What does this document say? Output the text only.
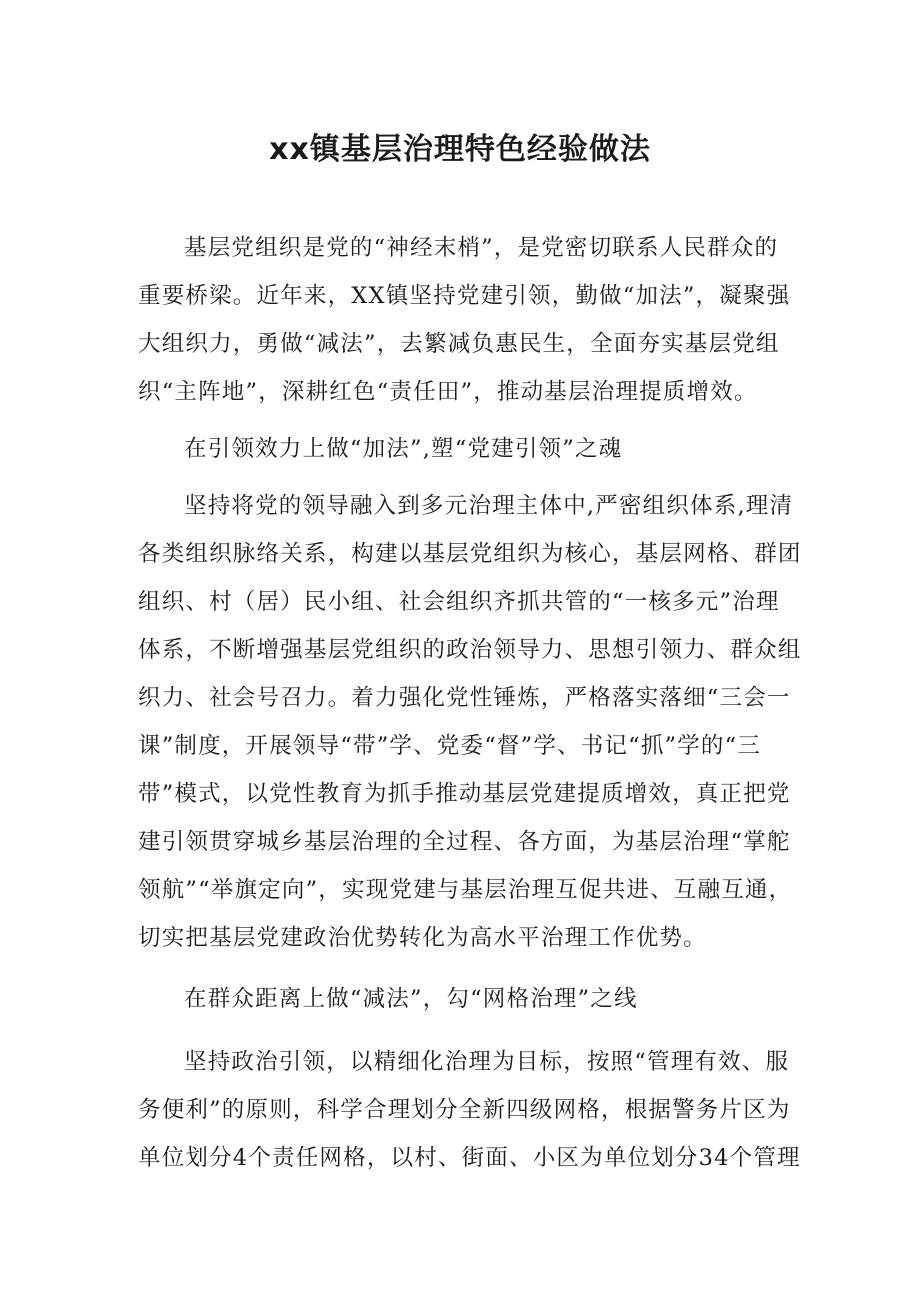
xx镇基层治理特色经验做法
基层党组织是党的“神经末梢”，是党密切联系人民群众的
重要桥梁。近年来，XX镇坚持党建引领，勤做“加法”，凝聚强
大组织力，勇做“减法”，去繁减负惠民生，全面夯实基层党组
织“主阵地”，深耕红色“责任田”，推动基层治理提质增效。
在引领效力上做“加法”,塑“党建引领”之魂
坚持将党的领导融入到多元治理主体中,严密组织体系,理清
各类组织脉络关系，构建以基层党组织为核心，基层网格、群团
组织、村（居）民小组、社会组织齐抓共管的“一核多元”治理
体系，不断增强基层党组织的政治领导力、思想引领力、群众组
织力、社会号召力。着力强化党性锤炼，严格落实落细“三会一
课”制度，开展领导“带”学、党委“督”学、书记“抓”学的“三
带”模式，以党性教育为抓手推动基层党建提质增效，真正把党
建引领贯穿城乡基层治理的全过程、各方面，为基层治理“掌舵
领航”“举旗定向”，实现党建与基层治理互促共进、互融互通，
切实把基层党建政治优势转化为高水平治理工作优势。
在群众距离上做“减法”，勾“网格治理”之线
坚持政治引领，以精细化治理为目标，按照“管理有效、服
务便利”的原则，科学合理划分全新四级网格，根据警务片区为
单位划分4个责任网格，以村、街面、小区为单位划分34个管理
